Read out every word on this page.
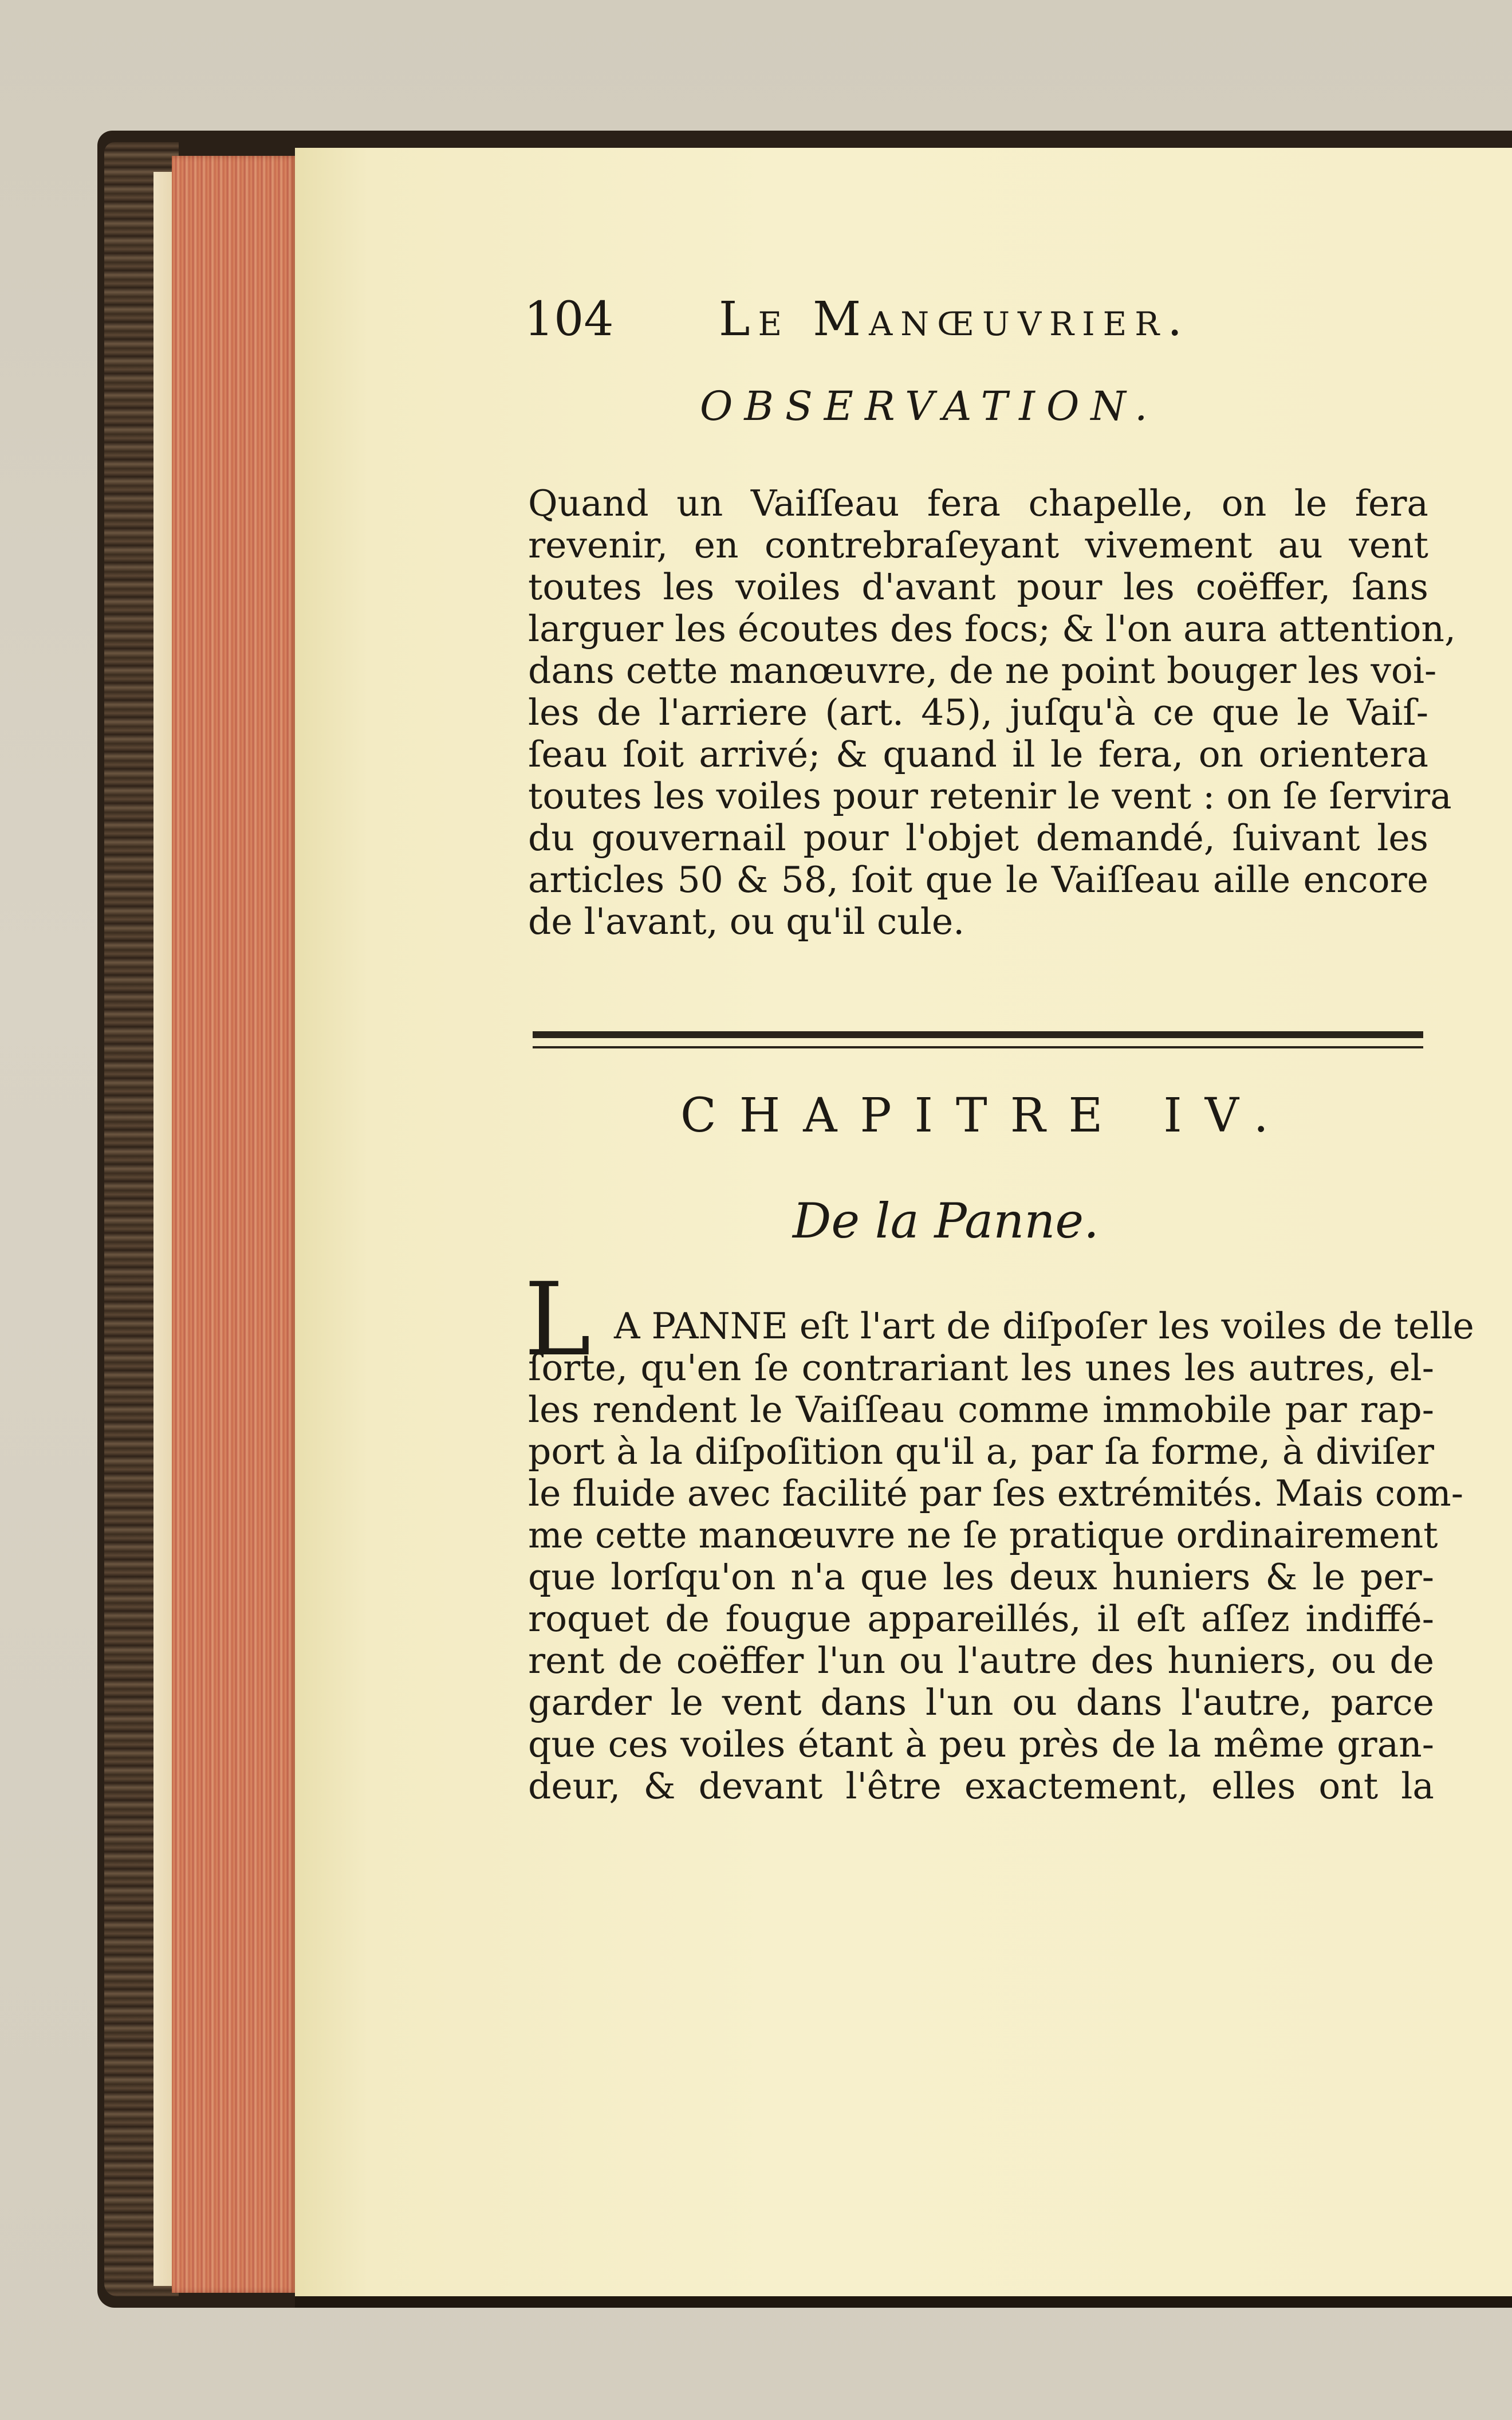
104 Le Manœuvrier.
OBSERVATION.
Quand un Vaiſſeau fera chapelle, on le fera
revenir, en contrebraſeyant vivement au vent
toutes les voiles d'avant pour les coëffer, ſans
larguer les écoutes des focs; & l'on aura attention,
dans cette manœuvre, de ne point bouger les voi-
les de l'arriere (art. 45), juſqu'à ce que le Vaiſ-
ſeau ſoit arrivé; & quand il le fera, on orientera
toutes les voiles pour retenir le vent : on ſe ſervira
du gouvernail pour l'objet demandé, ſuivant les
articles 50 & 58, ſoit que le Vaiſſeau aille encore
de l'avant, ou qu'il cule.
CHAPITRE IV.
De la Panne.
L A PANNE eſt l'art de diſpoſer les voiles de telle
ſorte, qu'en ſe contrariant les unes les autres, el-
les rendent le Vaiſſeau comme immobile par rap-
port à la diſpoſition qu'il a, par ſa forme, à diviſer
le fluide avec facilité par ſes extrémités. Mais com-
me cette manœuvre ne ſe pratique ordinairement
que lorſqu'on n'a que les deux huniers & le per-
roquet de fougue appareillés, il eſt aſſez indiffé-
rent de coëffer l'un ou l'autre des huniers, ou de
garder le vent dans l'un ou dans l'autre, parce
que ces voiles étant à peu près de la même gran-
deur, & devant l'être exactement, elles ont la
